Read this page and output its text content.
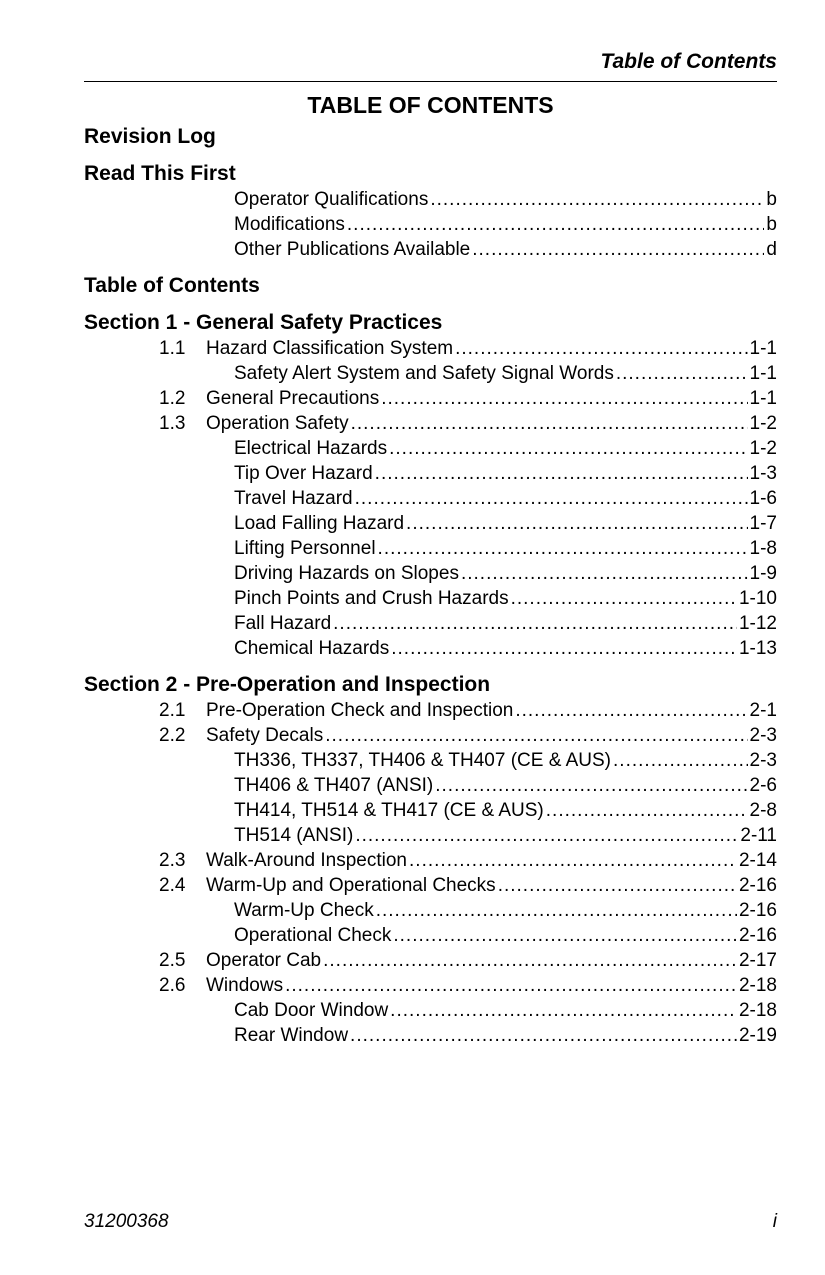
Table of Contents
TABLE OF CONTENTS
Revision Log
Read This First
Operator Qualifications .....	b
Modifications .....	b
Other Publications Available .....	d
Table of Contents
Section 1 - General Safety Practices
1.1	Hazard Classification System .....	1-1
Safety Alert System and Safety Signal Words .....	1-1
1.2	General Precautions .....	1-1
1.3	Operation Safety .....	1-2
Electrical Hazards .....	1-2
Tip Over Hazard .....	1-3
Travel Hazard .....	1-6
Load Falling Hazard .....	1-7
Lifting Personnel .....	1-8
Driving Hazards on Slopes .....	1-9
Pinch Points and Crush Hazards .....	1-10
Fall Hazard .....	1-12
Chemical Hazards .....	1-13
Section 2 - Pre-Operation and Inspection
2.1	Pre-Operation Check and Inspection .....	2-1
2.2	Safety Decals .....	2-3
TH336, TH337, TH406 & TH407 (CE & AUS) .....	2-3
TH406 & TH407 (ANSI) .....	2-6
TH414, TH514 & TH417 (CE & AUS) .....	2-8
TH514 (ANSI) .....	2-11
2.3	Walk-Around Inspection .....	2-14
2.4	Warm-Up and Operational Checks .....	2-16
Warm-Up Check .....	2-16
Operational Check .....	2-16
2.5	Operator Cab .....	2-17
2.6	Windows .....	2-18
Cab Door Window .....	2-18
Rear Window .....	2-19
31200368	i
